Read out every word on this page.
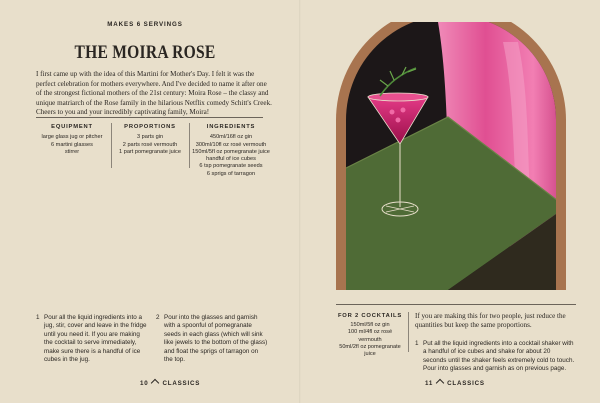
MAKES 6 SERVINGS
THE MOIRA ROSE
I first came up with the idea of this Martini for Mother's Day. I felt it was the perfect celebration for mothers everywhere. And I've decided to name it after one of the strongest fictional mothers of the 21st century: Moira Rose – the classy and unique matriarch of the Rose family in the hilarious Netflix comedy Schitt's Creek. Cheers to you and your incredibly captivating family, Moira!
EQUIPMENT
large glass jug or pitcher
6 martini glasses
stirrer
PROPORTIONS
3 parts gin
2 parts rosé vermouth
1 part pomegranate juice
INGREDIENTS
450ml/16fl oz gin
300ml/10fl oz rosé vermouth
150ml/5fl oz pomegranate juice
handful of ice cubes
6 tsp pomegranate seeds
6 sprigs of tarragon
1 Pour all the liquid ingredients into a jug, stir, cover and leave in the fridge until you need it. If you are making the cocktail to serve immediately, make sure there is a handful of ice cubes in the jug.
2 Pour into the glasses and garnish with a spoonful of pomegranate seeds in each glass (which will sink like jewels to the bottom of the glass) and float the sprigs of tarragon on the top.
10 CLASSICS
FOR 2 COCKTAILS
150ml/5fl oz gin
100 ml/4fl oz rosé vermouth
50ml/2fl oz pomegranate juice
If you are making this for two people, just reduce the quantities but keep the same proportions.
1 Put all the liquid ingredients into a cocktail shaker with a handful of ice cubes and shake for about 20 seconds until the shaker feels extremely cold to touch. Pour into glasses and garnish as on previous page.
11 CLASSICS
